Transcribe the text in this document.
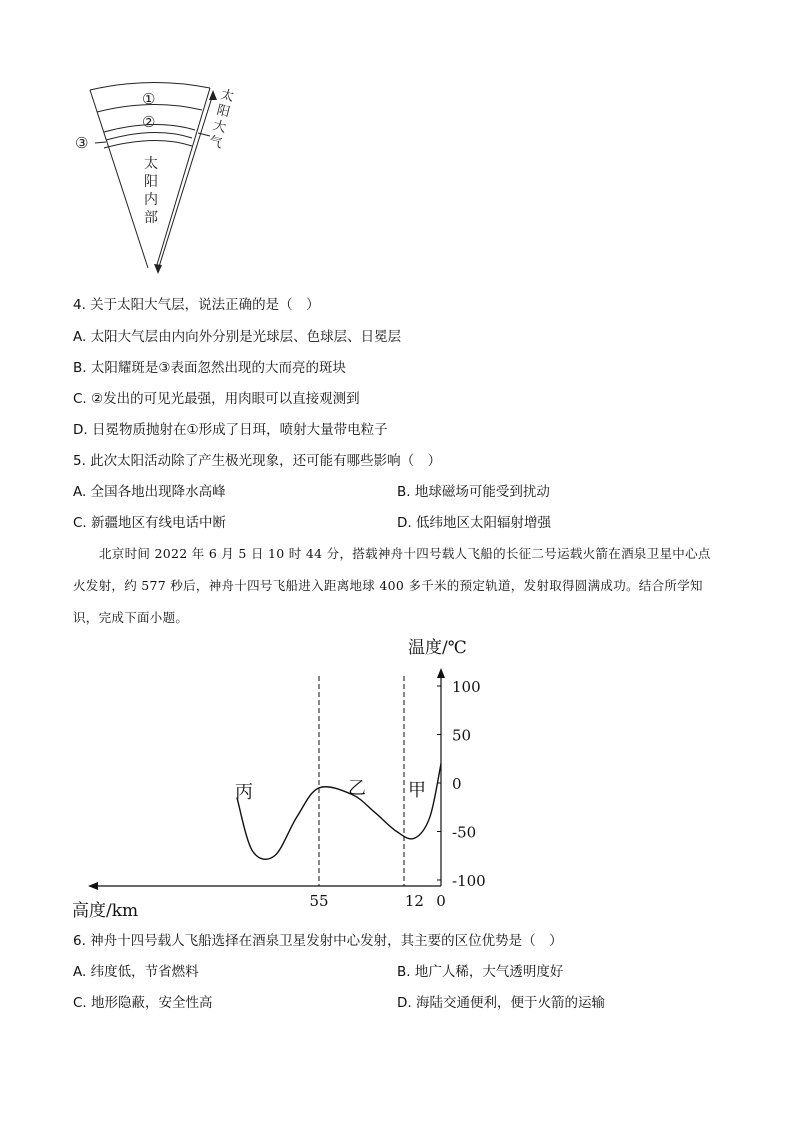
①
②
③
太
阳
内
部
太
阳
大
气
4. 关于太阳大气层，说法正确的是（　）
A. 太阳大气层由内向外分别是光球层、色球层、日冕层
B. 太阳耀斑是③表面忽然出现的大而亮的斑块
C. ②发出的可见光最强，用肉眼可以直接观测到
D. 日冕物质抛射在①形成了日珥，喷射大量带电粒子
5. 此次太阳活动除了产生极光现象，还可能有哪些影响（　）
A. 全国各地出现降水高峰	B. 地球磁场可能受到扰动
C. 新疆地区有线电话中断	D. 低纬地区太阳辐射增强
北京时间 2022 年 6 月 5 日 10 时 44 分，搭载神舟十四号载人飞船的长征二号运载火箭在酒泉卫星中心点火发射，约 577 秒后，神舟十四号飞船进入距离地球 400 多千米的预定轨道，发射取得圆满成功。结合所学知识，完成下面小题。
温度/℃
高度/km
丙	乙 甲
100
50
0
-50
-100
55	12 0
6. 神舟十四号载人飞船选择在酒泉卫星发射中心发射，其主要的区位优势是（　）
A. 纬度低，节省燃料	B. 地广人稀，大气透明度好
C. 地形隐蔽，安全性高	D. 海陆交通便利，便于火箭的运输
